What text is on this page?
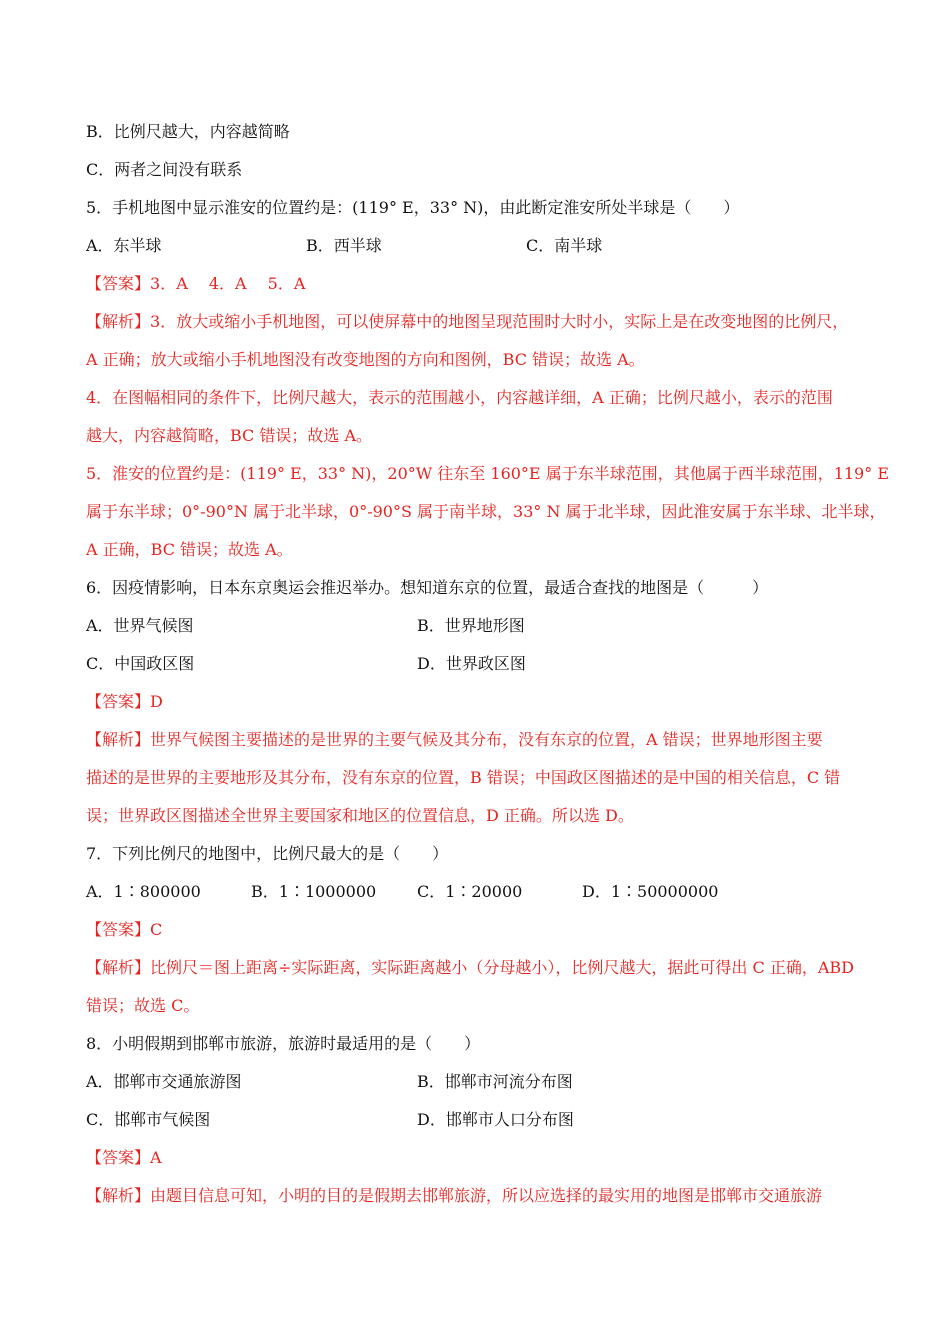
B．比例尺越大，内容越简略
C．两者之间没有联系
5．手机地图中显示淮安的位置约是：(119° E，33° N)，由此断定淮安所处半球是（　　）
A．东半球	B．西半球	C．南半球
【答案】3．A　 4．A　 5．A
【解析】3．放大或缩小手机地图，可以使屏幕中的地图呈现范围时大时小，实际上是在改变地图的比例尺，
A 正确；放大或缩小手机地图没有改变地图的方向和图例，BC 错误；故选 A。
4．在图幅相同的条件下，比例尺越大，表示的范围越小，内容越详细，A 正确；比例尺越小，表示的范围
越大，内容越简略，BC 错误；故选 A。
5．淮安的位置约是：(119° E，33° N)，20°W 往东至 160°E 属于东半球范围，其他属于西半球范围，119° E
属于东半球；0°-90°N 属于北半球，0°-90°S 属于南半球，33° N 属于北半球，因此淮安属于东半球、北半球，
A 正确，BC 错误；故选 A。
6．因疫情影响，日本东京奥运会推迟举办。想知道东京的位置，最适合查找的地图是（　　　）
A．世界气候图	B．世界地形图
C．中国政区图	D．世界政区图
【答案】D
【解析】世界气候图主要描述的是世界的主要气候及其分布，没有东京的位置，A 错误；世界地形图主要
描述的是世界的主要地形及其分布，没有东京的位置，B 错误；中国政区图描述的是中国的相关信息，C 错
误；世界政区图描述全世界主要国家和地区的位置信息，D 正确。所以选 D。
7．下列比例尺的地图中，比例尺最大的是（　　）
A．1∶800000	B．1∶1000000	C．1∶20000	D．1∶50000000
【答案】C
【解析】比例尺＝图上距离÷实际距离，实际距离越小（分母越小），比例尺越大，据此可得出 C 正确，ABD
错误；故选 C。
8．小明假期到邯郸市旅游，旅游时最适用的是（　　）
A．邯郸市交通旅游图	B．邯郸市河流分布图
C．邯郸市气候图	D．邯郸市人口分布图
【答案】A
【解析】由题目信息可知，小明的目的是假期去邯郸旅游，所以应选择的最实用的地图是邯郸市交通旅游
